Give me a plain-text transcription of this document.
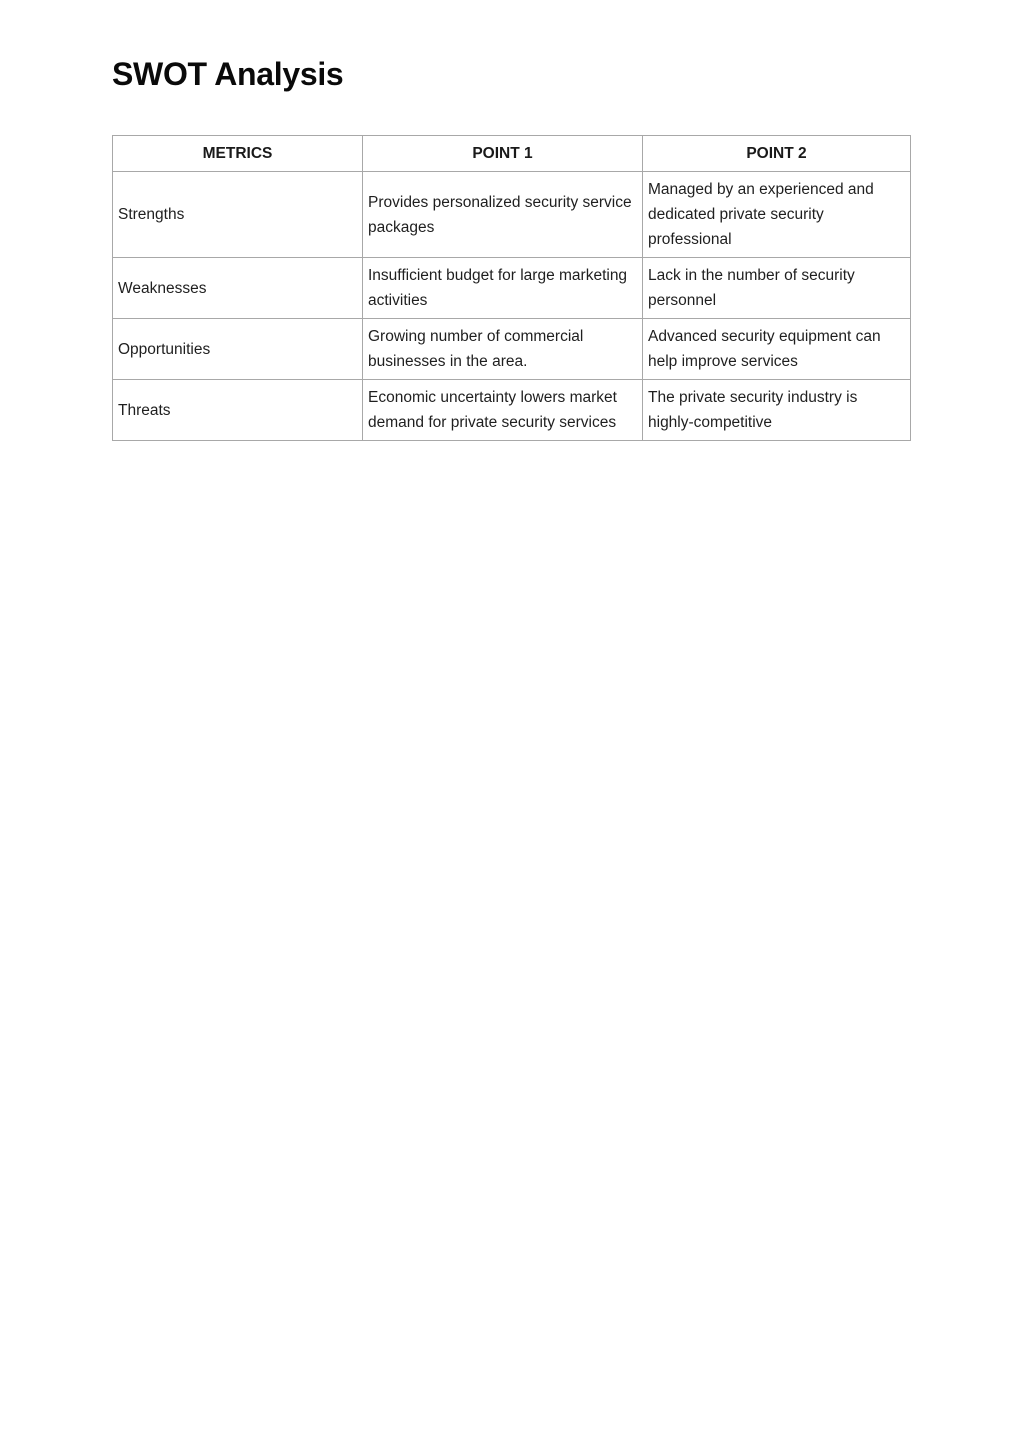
SWOT Analysis
METRICS	POINT 1	POINT 2
Strengths	Provides personalized security service packages	Managed by an experienced and dedicated private security professional
Weaknesses	Insufficient budget for large marketing activities	Lack in the number of security personnel
Opportunities	Growing number of commercial businesses in the area.	Advanced security equipment can help improve services
Threats	Economic uncertainty lowers market demand for private security services	The private security industry is highly-competitive
